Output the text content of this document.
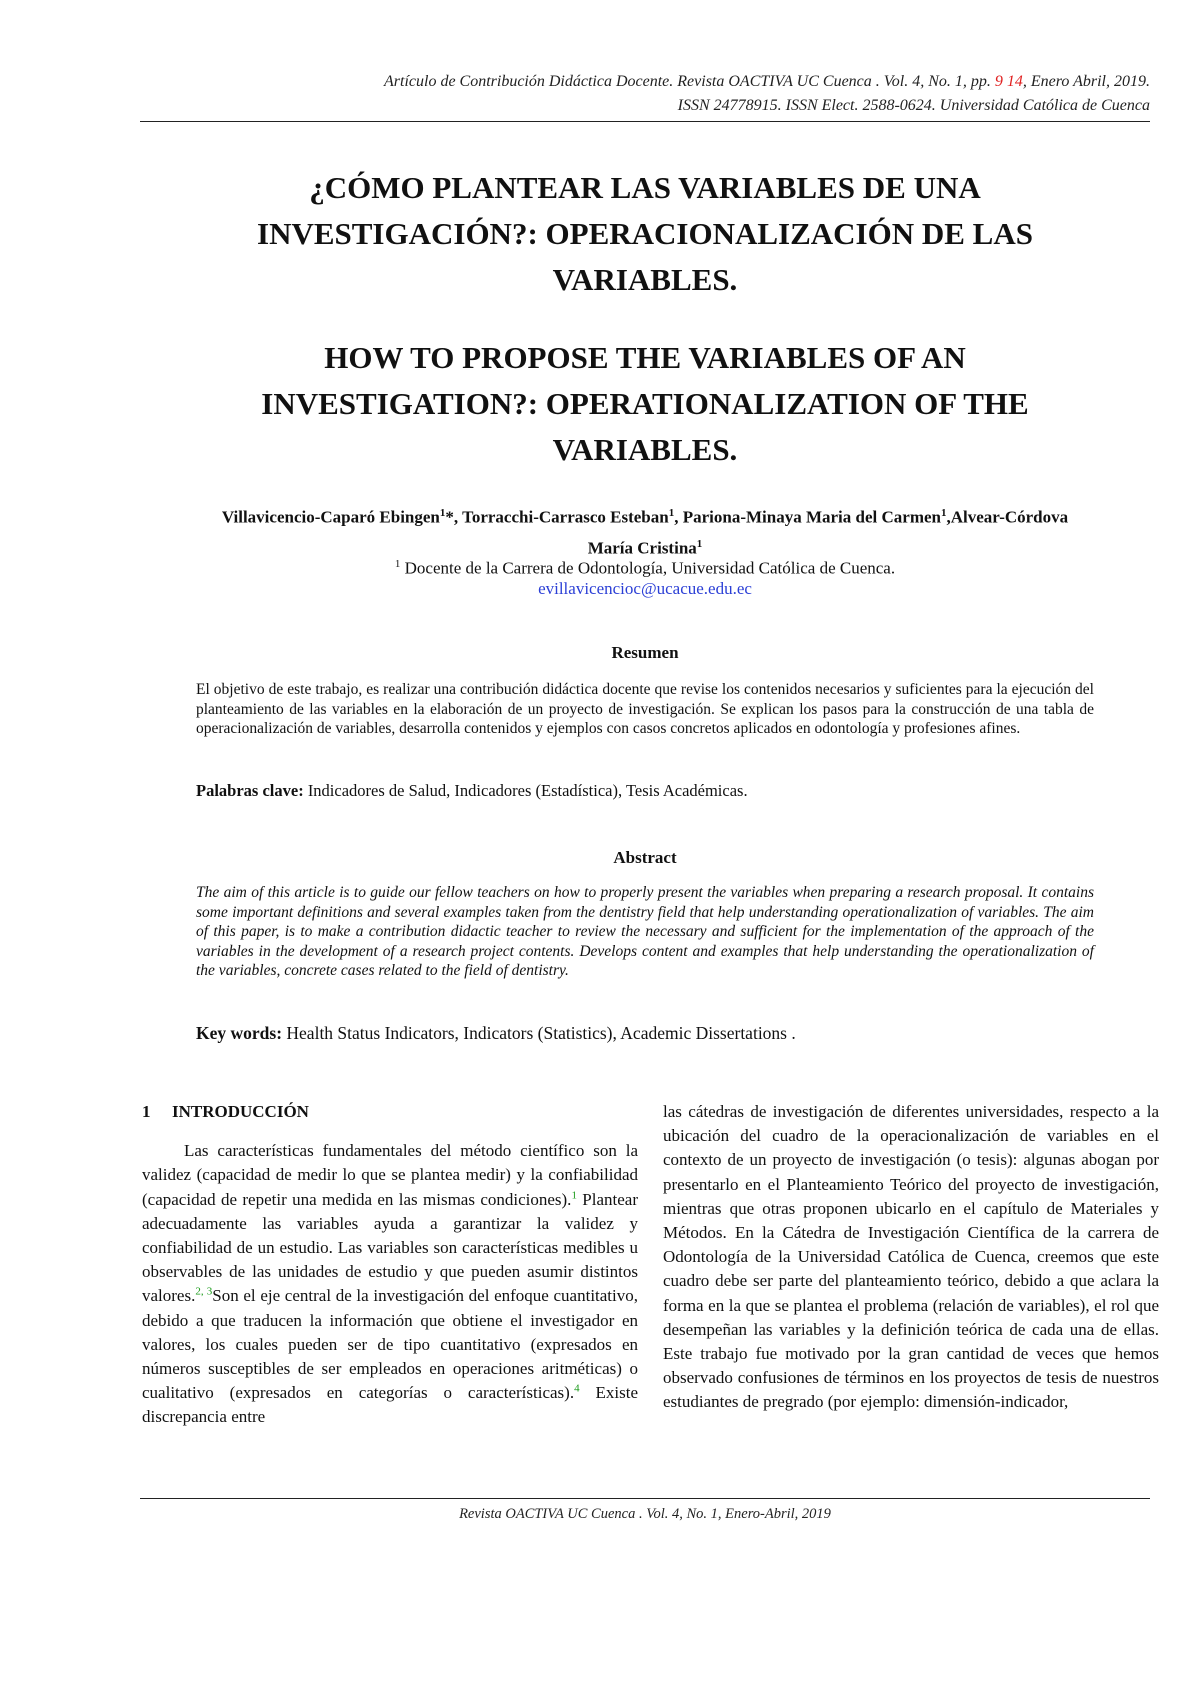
Artículo de Contribución Didáctica Docente. Revista OACTIVA UC Cuenca . Vol. 4, No. 1, pp. 9 14, Enero Abril, 2019.
ISSN 24778915. ISSN Elect. 2588-0624. Universidad Católica de Cuenca
¿CÓMO PLANTEAR LAS VARIABLES DE UNA
INVESTIGACIÓN?: OPERACIONALIZACIÓN DE LAS
VARIABLES.
HOW TO PROPOSE THE VARIABLES OF AN
INVESTIGATION?: OPERATIONALIZATION OF THE
VARIABLES.
Villavicencio-Caparó Ebingen$^1$*, Torracchi-Carrasco Esteban$^1$, Pariona-Minaya Maria del Carmen$^1$,Alvear-Córdova
María Cristina$^1$
$^1$ Docente de la Carrera de Odontología, Universidad Católica de Cuenca.
evillavicencioc@ucacue.edu.ec
Resumen
El objetivo de este trabajo, es realizar una contribución didáctica docente que revise los contenidos necesarios y suficientes para la ejecución del planteamiento de las variables en la elaboración de un proyecto de investigación. Se explican los pasos para la construcción de una tabla de operacionalización de variables, desarrolla contenidos y ejemplos con casos concretos aplicados en odontología y profesiones afines.
Palabras clave: Indicadores de Salud, Indicadores (Estadística), Tesis Académicas.
Abstract
The aim of this article is to guide our fellow teachers on how to properly present the variables when preparing a research proposal. It contains some important definitions and several examples taken from the dentistry field that help understanding operationalization of variables. The aim of this paper, is to make a contribution didactic teacher to review the necessary and sufficient for the implementation of the approach of the variables in the development of a research project contents. Develops content and examples that help understanding the operationalization of the variables, concrete cases related to the field of dentistry.
Key words: Health Status Indicators, Indicators (Statistics), Academic Dissertations .
1 INTRODUCCIÓN

Las características fundamentales del método científico son la validez (capacidad de medir lo que se plantea medir) y la confiabilidad (capacidad de repetir una medida en las mismas condiciones).$^1$ Plantear adecuadamente las variables ayuda a garantizar la validez y confiabilidad de un estudio. Las variables son características medibles u observables de las unidades de estudio y que pueden asumir distintos valores.$^{2, 3}$Son el eje central de la investigación del enfoque cuantitativo, debido a que traducen la información que obtiene el investigador en valores, los cuales pueden ser de tipo cuantitativo (expresados en números susceptibles de ser empleados en operaciones aritméticas) o cualitativo (expresados en categorías o características).$^4$ Existe discrepancia entre

las cátedras de investigación de diferentes universidades, respecto a la ubicación del cuadro de la operacionalización de variables en el contexto de un proyecto de investigación (o tesis): algunas abogan por presentarlo en el Planteamiento Teórico del proyecto de investigación, mientras que otras proponen ubicarlo en el capítulo de Materiales y Métodos. En la Cátedra de Investigación Científica de la carrera de Odontología de la Universidad Católica de Cuenca, creemos que este cuadro debe ser parte del planteamiento teórico, debido a que aclara la forma en la que se plantea el problema (relación de variables), el rol que desempeñan las variables y la definición teórica de cada una de ellas. Este trabajo fue motivado por la gran cantidad de veces que hemos observado confusiones de términos en los proyectos de tesis de nuestros estudiantes de pregrado (por ejemplo: dimensión-indicador,

Revista OACTIVA UC Cuenca . Vol. 4, No. 1, Enero-Abril, 2019
